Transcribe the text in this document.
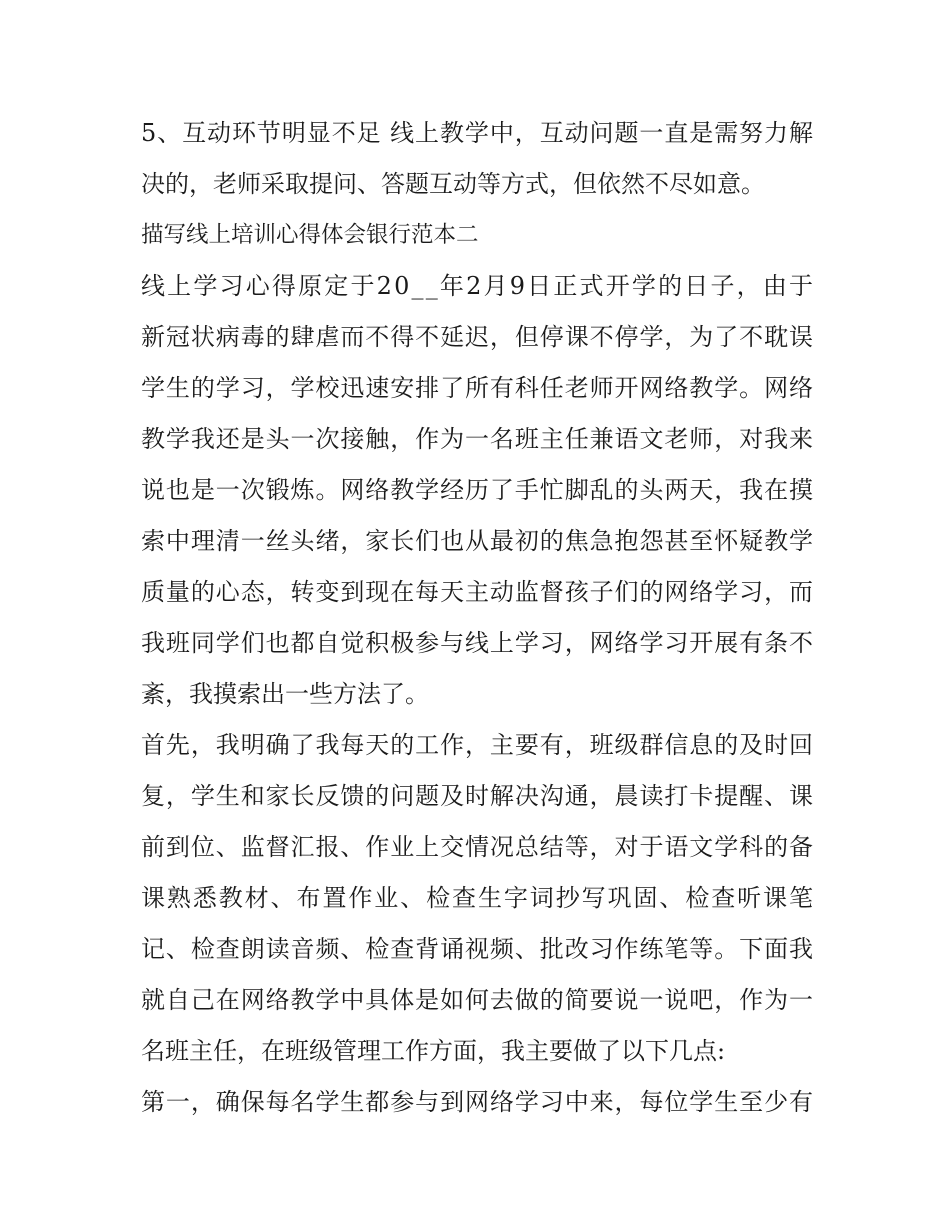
5、互动环节明显不足 线上教学中，互动问题一直是需努力解
决的，老师采取提问、答题互动等方式，但依然不尽如意。
描写线上培训心得体会银行范本二
线上学习心得原定于20__年2月9日正式开学的日子，由于
新冠状病毒的肆虐而不得不延迟，但停课不停学，为了不耽误
学生的学习，学校迅速安排了所有科任老师开网络教学。网络
教学我还是头一次接触，作为一名班主任兼语文老师，对我来
说也是一次锻炼。网络教学经历了手忙脚乱的头两天，我在摸
索中理清一丝头绪，家长们也从最初的焦急抱怨甚至怀疑教学
质量的心态，转变到现在每天主动监督孩子们的网络学习，而
我班同学们也都自觉积极参与线上学习，网络学习开展有条不
紊，我摸索出一些方法了。
首先，我明确了我每天的工作，主要有，班级群信息的及时回
复，学生和家长反馈的问题及时解决沟通，晨读打卡提醒、课
前到位、监督汇报、作业上交情况总结等，对于语文学科的备
课熟悉教材、布置作业、检查生字词抄写巩固、检查听课笔
记、检查朗读音频、检查背诵视频、批改习作练笔等。下面我
就自己在网络教学中具体是如何去做的简要说一说吧，作为一
名班主任，在班级管理工作方面，我主要做了以下几点:
第一，确保每名学生都参与到网络学习中来，每位学生至少有
